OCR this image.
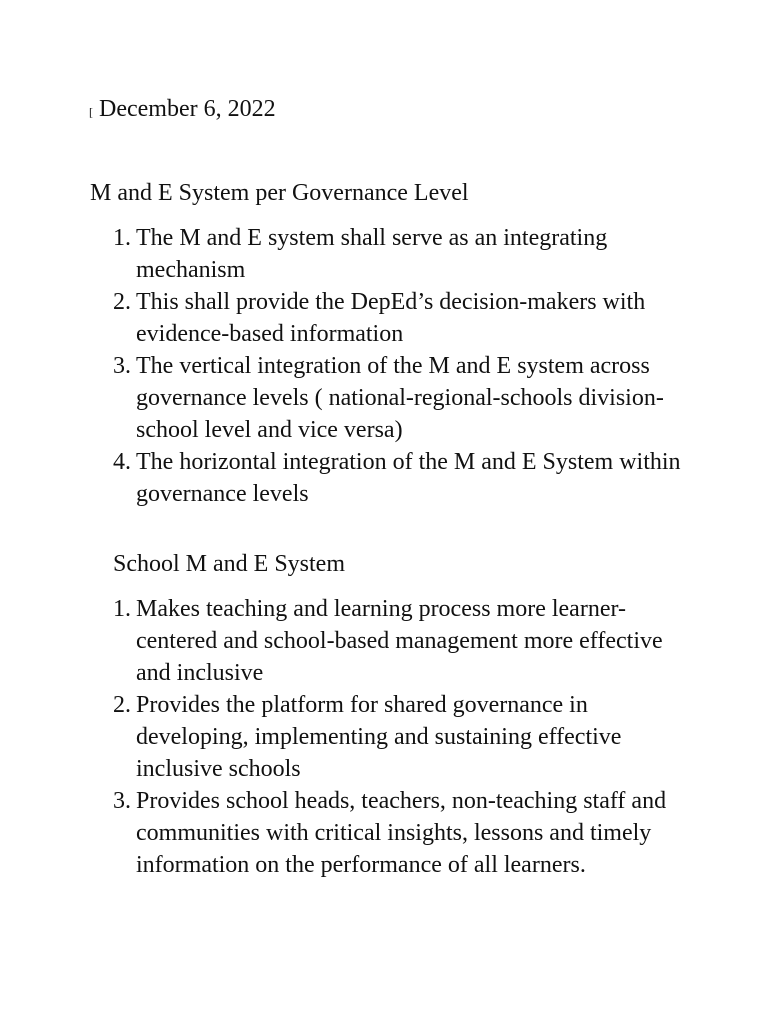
[ December 6, 2022
M and E System per Governance Level
1. The M and E system shall serve as an integrating mechanism
2. This shall provide the DepEd’s decision-makers with evidence-based information
3. The vertical integration of the M and E system across governance levels ( national-regional-schools division-school level and vice versa)
4. The horizontal integration of the M and E System within governance levels
School M and E System
1. Makes teaching and learning process more learner-centered and school-based management more effective and inclusive
2. Provides the platform for shared governance in developing, implementing and sustaining effective inclusive schools
3. Provides school heads, teachers, non-teaching staff and communities with critical insights, lessons and timely information on the performance of all learners.
